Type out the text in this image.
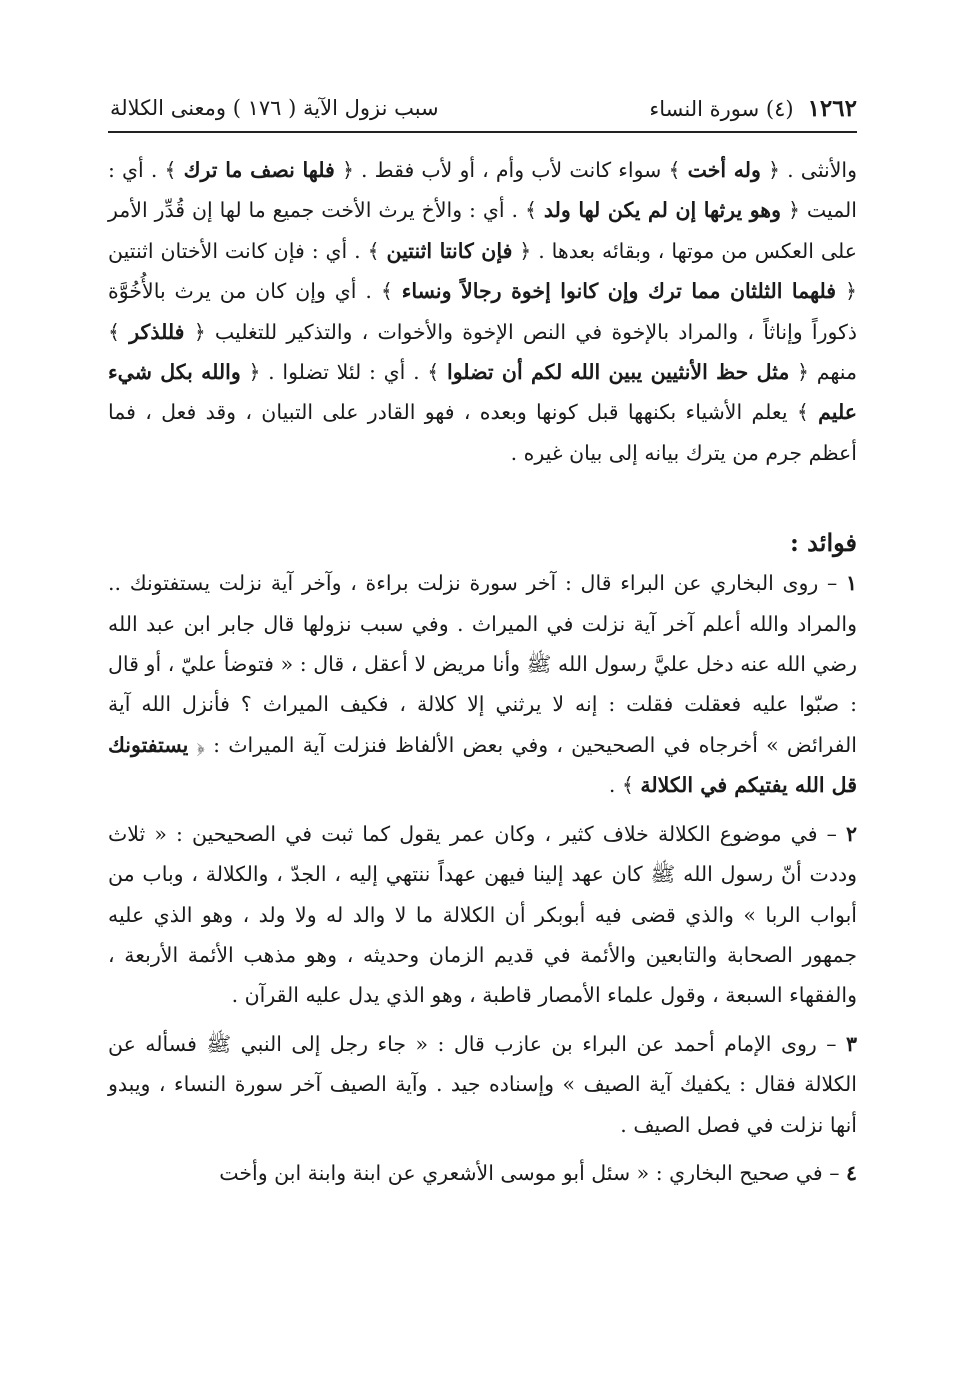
١٢٦٢
(٤) سورة النساء
سبب نزول الآية ( ١٧٦ ) ومعنى الكلالة

والأنثى . ﴿ وله أخت ﴾ سواء كانت لأب وأم ، أو لأب فقط . ﴿ فلها نصف ما ترك ﴾ . أي : الميت ﴿ وهو يرثها إن لم يكن لها ولد ﴾ . أي : والأخ يرث الأخت جميع ما لها إن قُدِّر الأمر على العكس من موتها ، وبقائه بعدها . ﴿ فإن كانتا اثنتين ﴾ . أي : فإن كانت الأختان اثنتين ﴿ فلهما الثلثان مما ترك وإن كانوا إخوة رجالاً ونساء ﴾ . أي وإن كان من يرث بالأُخُوَّة ذكوراً وإناثاً ، والمراد بالإخوة في النص الإخوة والأخوات ، والتذكير للتغليب ﴿ فللذكر ﴾ منهم ﴿ مثل حظ الأنثيين يبين الله لكم أن تضلوا ﴾ . أي : لئلا تضلوا . ﴿ والله بكل شيء عليم ﴾ يعلم الأشياء بكنهها قبل كونها وبعده ، فهو القادر على التبيان ، وقد فعل ، فما أعظم جرم من يترك بيانه إلى بيان غيره .

فوائد :

١ – روى البخاري عن البراء قال : آخر سورة نزلت براءة ، وآخر آية نزلت يستفتونك .. والمراد والله أعلم آخر آية نزلت في الميراث . وفي سبب نزولها قال جابر ابن عبد الله رضي الله عنه دخل عليَّ رسول الله ﷺ وأنا مريض لا أعقل ، قال : « فتوضأ عليّ ، أو قال : صبّوا عليه فعقلت فقلت : إنه لا يرثني إلا كلالة ، فكيف الميراث ؟ فأنزل الله آية الفرائض » أخرجاه في الصحيحين ، وفي بعض الألفاظ فنزلت آية الميراث : ﴿ يستفتونك قل الله يفتيكم في الكلالة ﴾ .

٢ – في موضوع الكلالة خلاف كثير ، وكان عمر يقول كما ثبت في الصحيحين : « ثلاث وددت أنّ رسول الله ﷺ كان عهد إلينا فيهن عهداً ننتهي إليه ، الجدّ ، والكلالة ، وباب من أبواب الربا » والذي قضى فيه أبوبكر أن الكلالة ما لا والد له ولا ولد ، وهو الذي عليه جمهور الصحابة والتابعين والأئمة في قديم الزمان وحديثه ، وهو مذهب الأئمة الأربعة ، والفقهاء السبعة ، وقول علماء الأمصار قاطبة ، وهو الذي يدل عليه القرآن .

٣ – روى الإمام أحمد عن البراء بن عازب قال : « جاء رجل إلى النبي ﷺ فسأله عن الكلالة فقال : يكفيك آية الصيف » وإسناده جيد . وآية الصيف آخر سورة النساء ، ويبدو أنها نزلت في فصل الصيف .

٤ – في صحيح البخاري : « سئل أبو موسى الأشعري عن ابنة وابنة ابن وأخت
